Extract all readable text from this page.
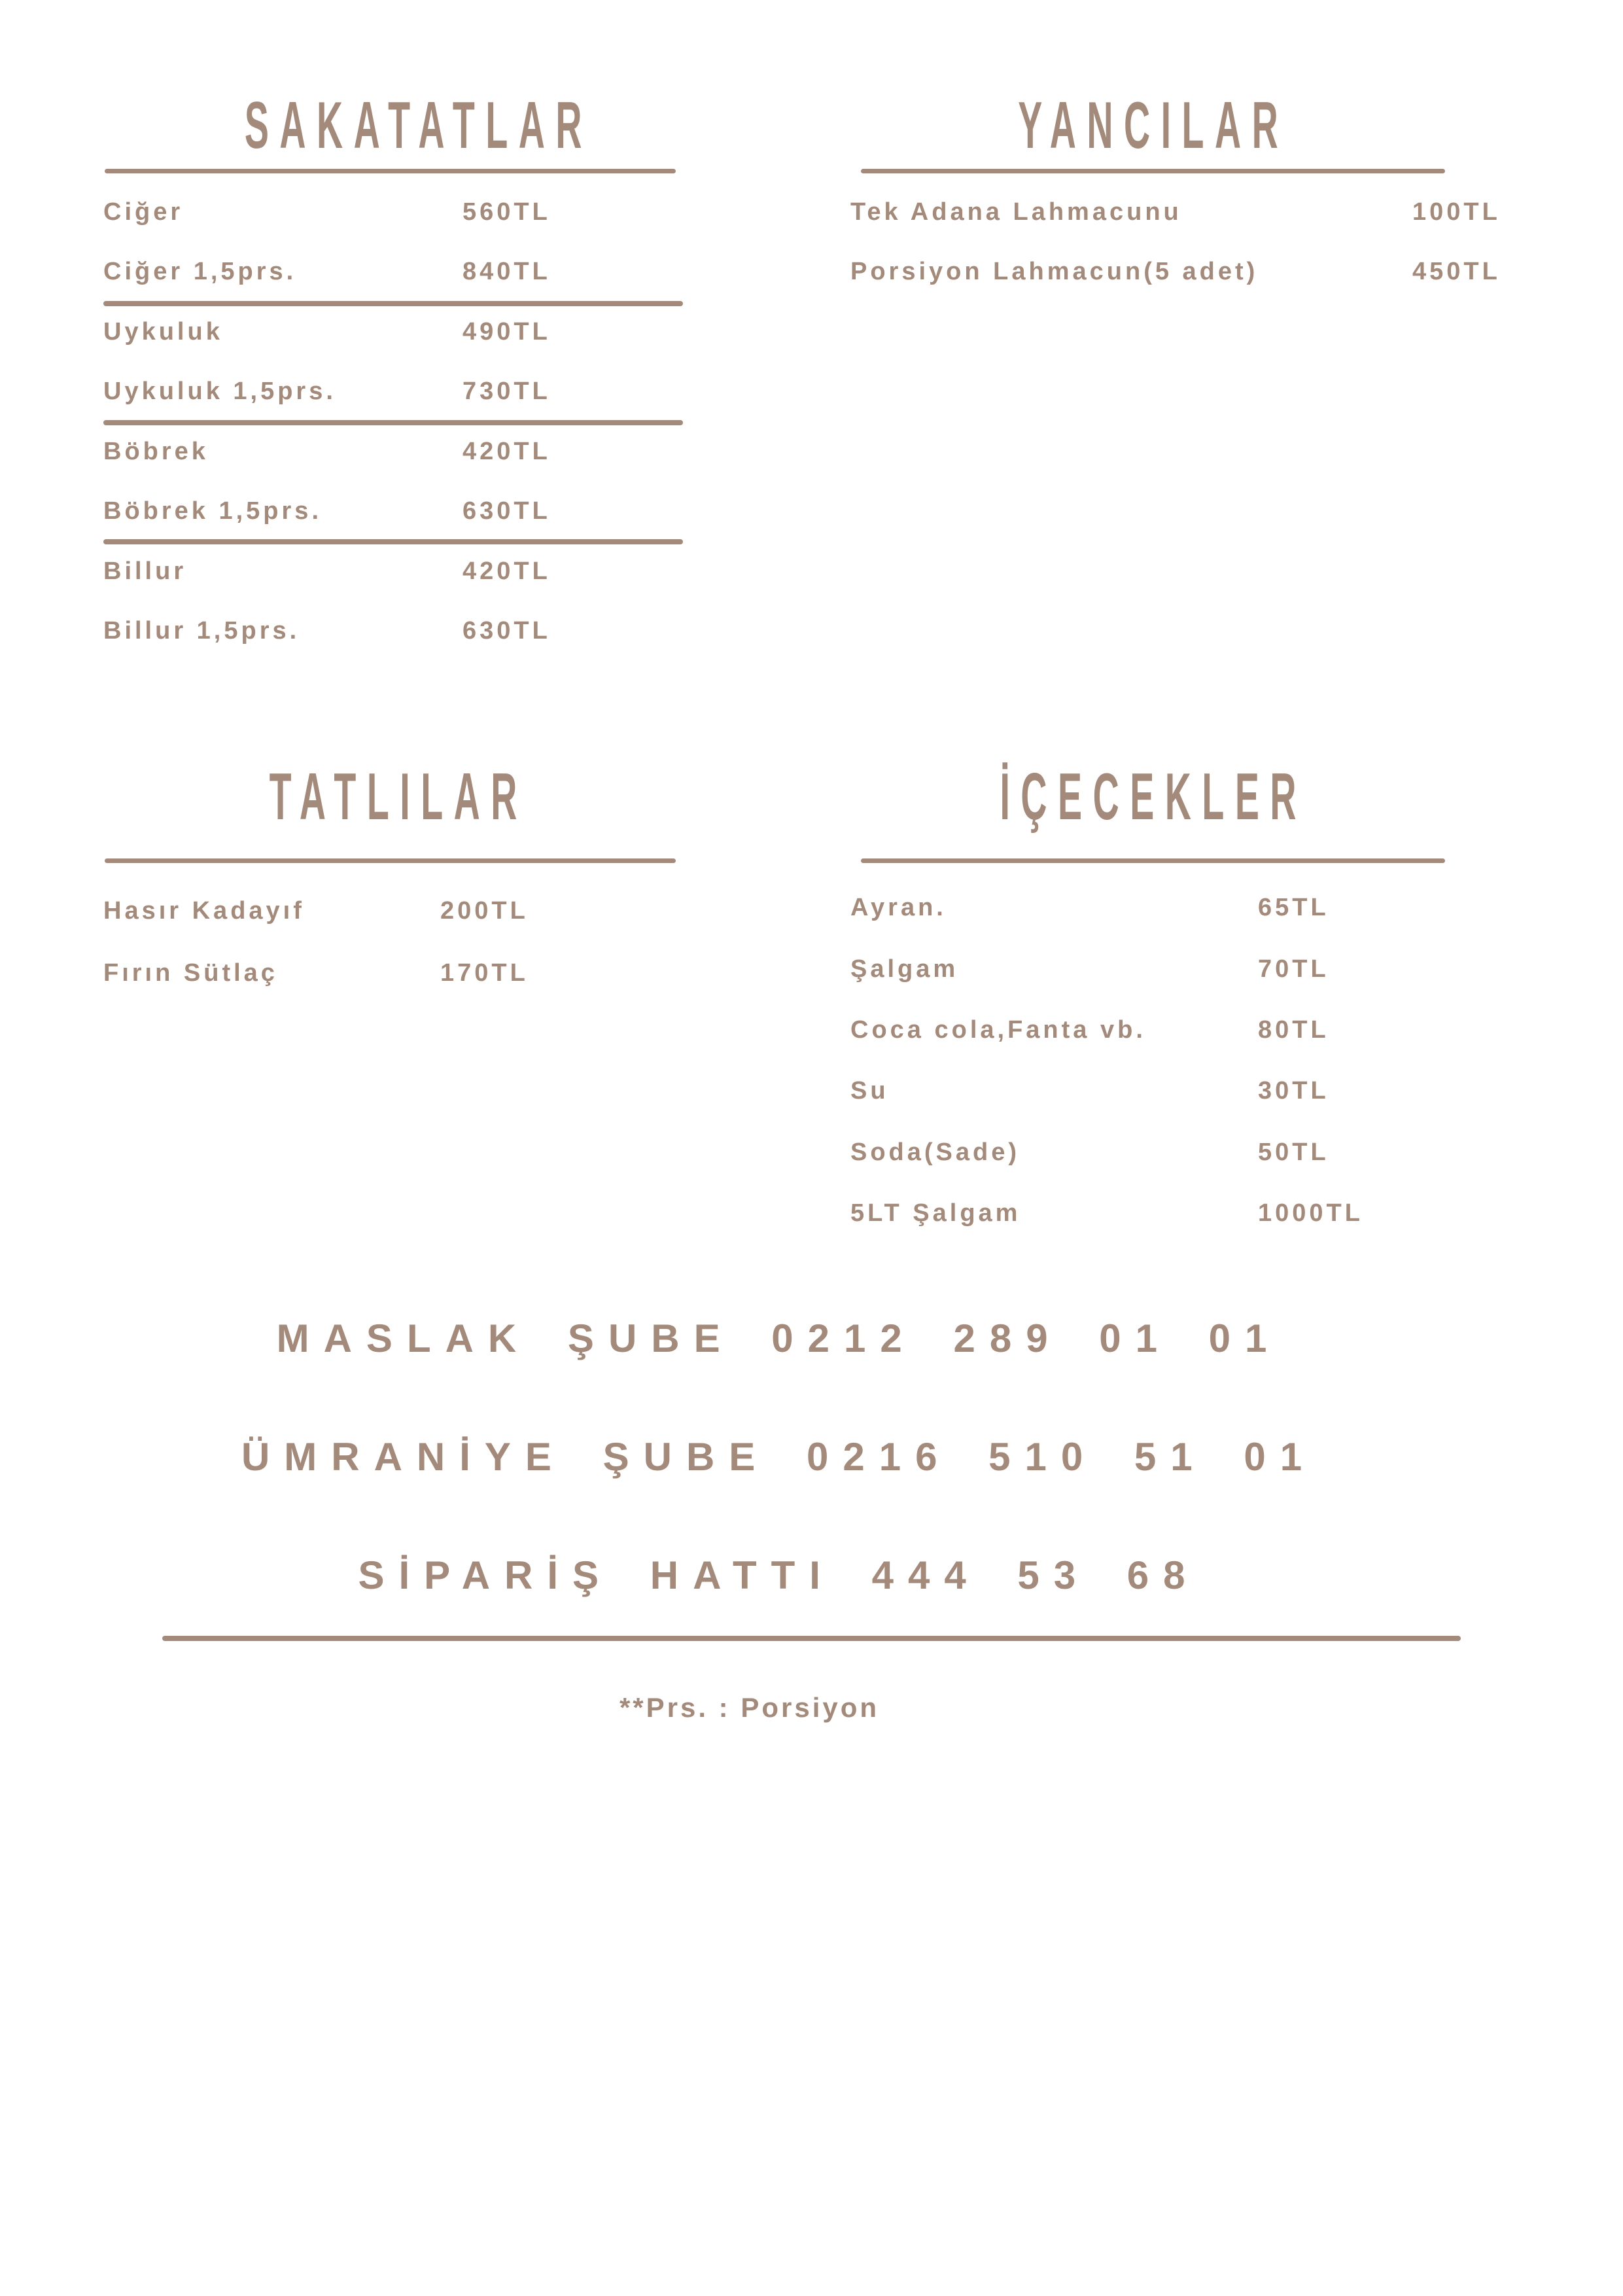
SAKATATLAR
Ciğer	560TL
Ciğer 1,5prs.	840TL
Uykuluk	490TL
Uykuluk 1,5prs.	730TL
Böbrek	420TL
Böbrek 1,5prs.	630TL
Billur	420TL
Billur 1,5prs.	630TL
YANCILAR
Tek Adana Lahmacunu	100TL
Porsiyon Lahmacun(5 adet)	450TL
TATLILAR
Hasır Kadayıf	200TL
Fırın Sütlaç	170TL
İÇECEKLER
Ayran.	65TL
Şalgam	70TL
Coca cola,Fanta vb.	80TL
Su	30TL
Soda(Sade)	50TL
5LT Şalgam	1000TL
MASLAK ŞUBE 0212 289 01 01
ÜMRANİYE ŞUBE 0216 510 51 01
SİPARİŞ HATTI 444 53 68
**Prs. : Porsiyon
